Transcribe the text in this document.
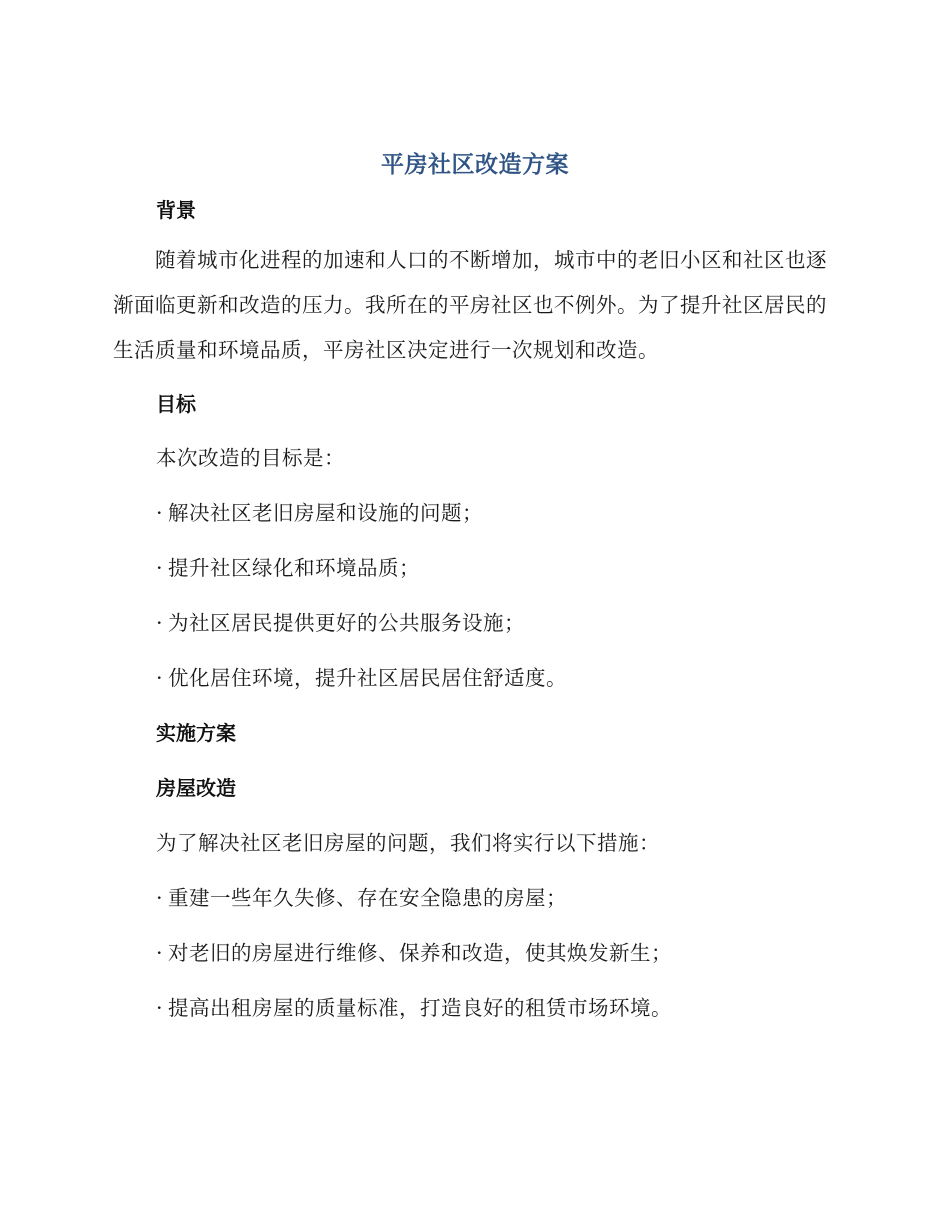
平房社区改造方案
背景
随着城市化进程的加速和人口的不断增加，城市中的老旧小区和社区也逐渐面临更新和改造的压力。我所在的平房社区也不例外。为了提升社区居民的生活质量和环境品质，平房社区决定进行一次规划和改造。
目标
本次改造的目标是：
· 解决社区老旧房屋和设施的问题；
· 提升社区绿化和环境品质；
· 为社区居民提供更好的公共服务设施；
· 优化居住环境，提升社区居民居住舒适度。
实施方案
房屋改造
为了解决社区老旧房屋的问题，我们将实行以下措施：
· 重建一些年久失修、存在安全隐患的房屋；
· 对老旧的房屋进行维修、保养和改造，使其焕发新生；
· 提高出租房屋的质量标准，打造良好的租赁市场环境。
